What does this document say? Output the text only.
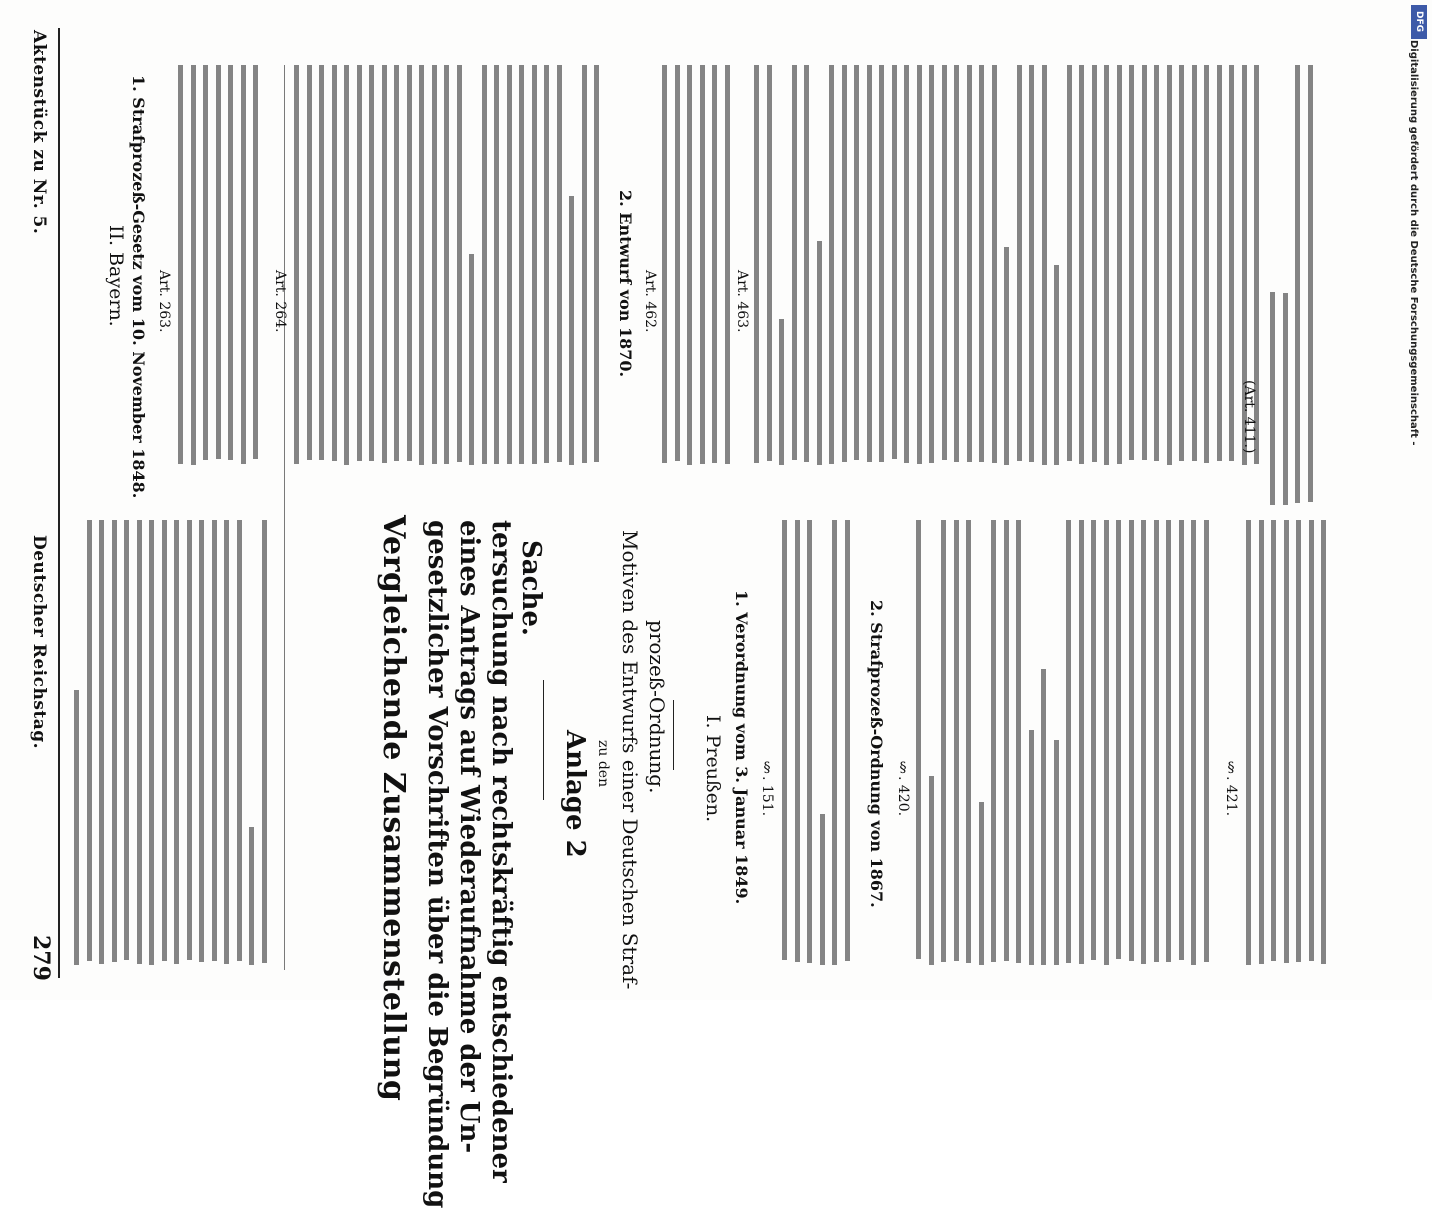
Deutscher Reichstag.
Aktenstück zu Nr. 5.
279	Vergleichende Zusammenstellung gesetzlicher Vorschriften über die Begründung eines Antrags auf Wiederaufnahme der Un- tersuchung nach rechtskräftig entschiedener Sache.
Anlage 2 zu den Motiven des Entwurfs einer Deutschen Straf- prozeß-Ordnung. I. Preußen. 1. Verordnung vom 3. Januar 1849. §. 151.	2. Strafprozeß-Ordnung von 1867. §. 420.	§. 421.
II. Bayern. 1. Strafprozeß-Gesetz vom 10. November 1848. Art. 263.	Art. 264.	2. Entwurf von 1870. Art. 462.	Art. 463.
(Art. 411.)	Digitalisierung gefördert durch die Deutsche Forschungsgemeinschaft -
DFG
